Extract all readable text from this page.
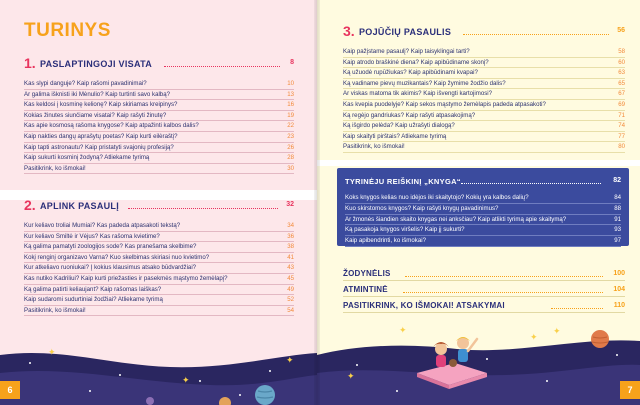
TURINYS
1. PASLAPTINGOJI VISATA	8
Kas slypi danguje? Kaip rašomi pavadinimai?	10
Ar galima išknisti iki Mėnulio? Kaip turtinti savo kalbą?	13
Kas keldosi į kosminę kelionę? Kaip skiriamas kreipinys?	16
Kokias žinutes siunčiame visatai? Kaip rašyti žinutę?	19
Kas apie kosmosą rašoma knygose? Kaip atpažinti kalbos dalis?	22
Kaip nakties dangų aprašytų poetas? Kaip kurti eilėraštį?	23
Kaip tapti astronautu? Kaip pristatyti svajonių profesiją?	26
Kaip sukurti kosminį žodyną? Atliekame tyrimą	28
Pasitikrink, ko išmokai!	30
2. APLINK PASAULĮ	32
Kur keliavo troliai Mumiai? Kas padeda atpasakoti tekstą?	34
Kur keliavo Smiltė ir Vėjus? Kas rašoma kvietime?	36
Ką galima pamatyti zoologijos sode? Kas pranešama skelbime?	38
Kokį renginį organizavo Varna? Kuo skelbimas skiriasi nuo kvietimo?	41
Kur atkeliavo ruoniukai? Į kokius klausimus atsako būdvardžiai?	43
Kas nutiko Kadriliui? Kaip kurti priežasties ir pasekmės mąstymo žemėlapį?	45
Ką galima patirti keliaujant? Kaip rašomas laiškas?	49
Kaip sudaromi sudurtiniai žodžiai? Atliekame tyrimą	52
Pasitikrink, ko išmokai!	54
✦
✦
✦
6
3. POJŪČIŲ PASAULIS	56
Kaip pažįstame pasaulį? Kaip taisyklingai tarti?	58
Kaip atrodo braškinė diena? Kaip apibūdiname skonį?	60
Ką užuodė rupūžiukas? Kaip apibūdinami kvapai?	63
Ką vadiname pievų muzikantais? Kaip žymime žodžio dalis?	65
Ar viskas matoma tik akimis? Kaip išvengti kartojimosi?	67
Kas kvepia puodelyje? Kaip sekos mąstymo žemėlapis padeda atpasakoti?	69
Ką regėjo gandriukas? Kaip rašyti atpasakojimą?	71
Ką išgirdo pelėda? Kaip užrašyti dialogą?	74
Kaip skaityti pirštais? Atliekame tyrimą	77
Pasitikrink, ko išmokai!	80
TYRINĖJU REIŠKINĮ „KNYGA“	82
Koks knygos kelias nuo idėjos iki skaitytojo? Kokių yra kalbos dalių?	84
Kuo skirstomos knygos? Kaip rašyti knygų pavadinimus?	88
Ar žmonės šiandien skaito knygas nei anksčiau? Kaip atlikti tyrimą apie skaitymą?	91
Ką pasakoja knygos viršelis? Kaip jį sukurti?	93
Kaip apibendrinti, ko išmokai?	97
ŽODYNĖLIS	100
ATMINTINĖ	104
PASITIKRINK, KO IŠMOKAI! ATSAKYMAI	110
✦
✦
✦
✦
7
